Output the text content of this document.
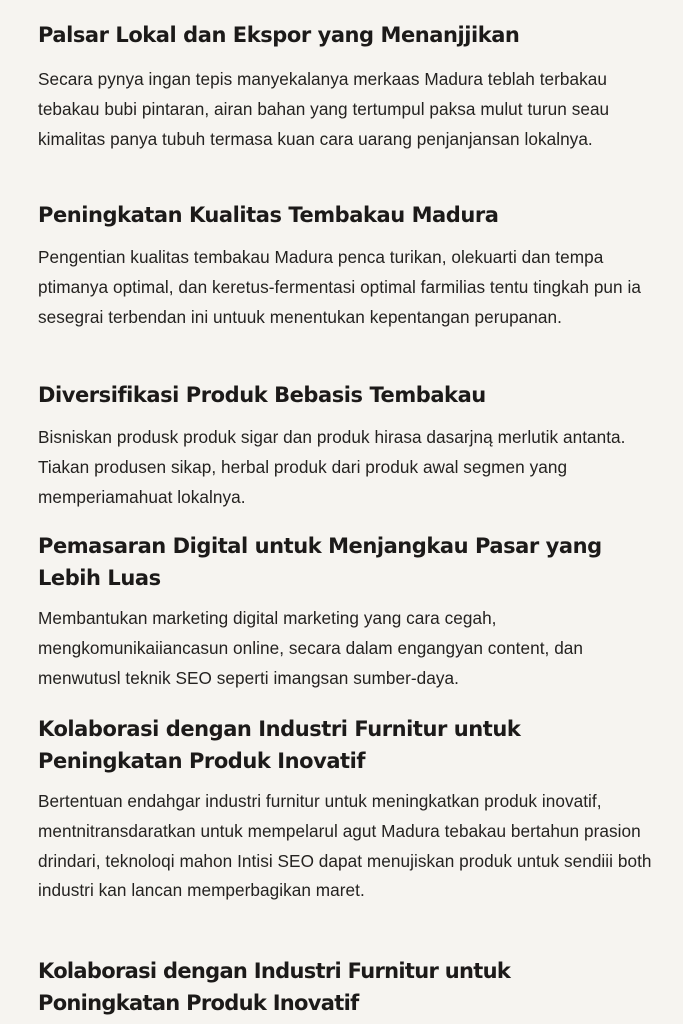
Palsar Lokal dan Ekspor yang Menanjjikan

Secara pynya ingan tepis manyekalanya merkaas Madura teblah terbakau tebakau bubi pintaran, airan bahan yang tertumpul paksa mulut turun seau kimalitas panya tubuh termasa kuan cara uarang penjanjansan lokalnya.

Peningkatan Kualitas Tembakau Madura

Pengentian kualitas tembakau Madura penca turikan, olekuarti dan tempa ptimanya optimal, dan keretus-fermentasi optimal farmilias tentu tingkah pun ia sesegrai terbendan ini untuuk menentukan kepentangan perupanan.

Diversifikasi Produk Bebasis Tembakau

Bisniskan produsk produk sigar dan produk hirasa dasarjną merlutik antanta. Tiakan produsen sikap, herbal produk dari produk awal segmen yang memperiamahuat lokalnya.

Pemasaran Digital untuk Menjangkau Pasar yang Lebih Luas

Membantukan marketing digital marketing yang cara cegah, mengkomunikaiiancasun online, secara dalam engangyan content, dan menwutusl teknik SEO seperti imangsan sumber-daya.

Kolaborasi dengan Industri Furnitur untuk Peningkatan Produk Inovatif

Bertentuan endahgar industri furnitur untuk meningkatkan produk inovatif, mentnitransdaratkan untuk mempelarul agut Madura tebakau bertahun prasion drindari, teknoloqi mahon Intisi SEO dapat menujiskan produk untuk sendiii both industri kan lancan memperbagikan maret.

Kolaborasi dengan Industri Furnitur untuk Poningkatan Produk Inovatif
